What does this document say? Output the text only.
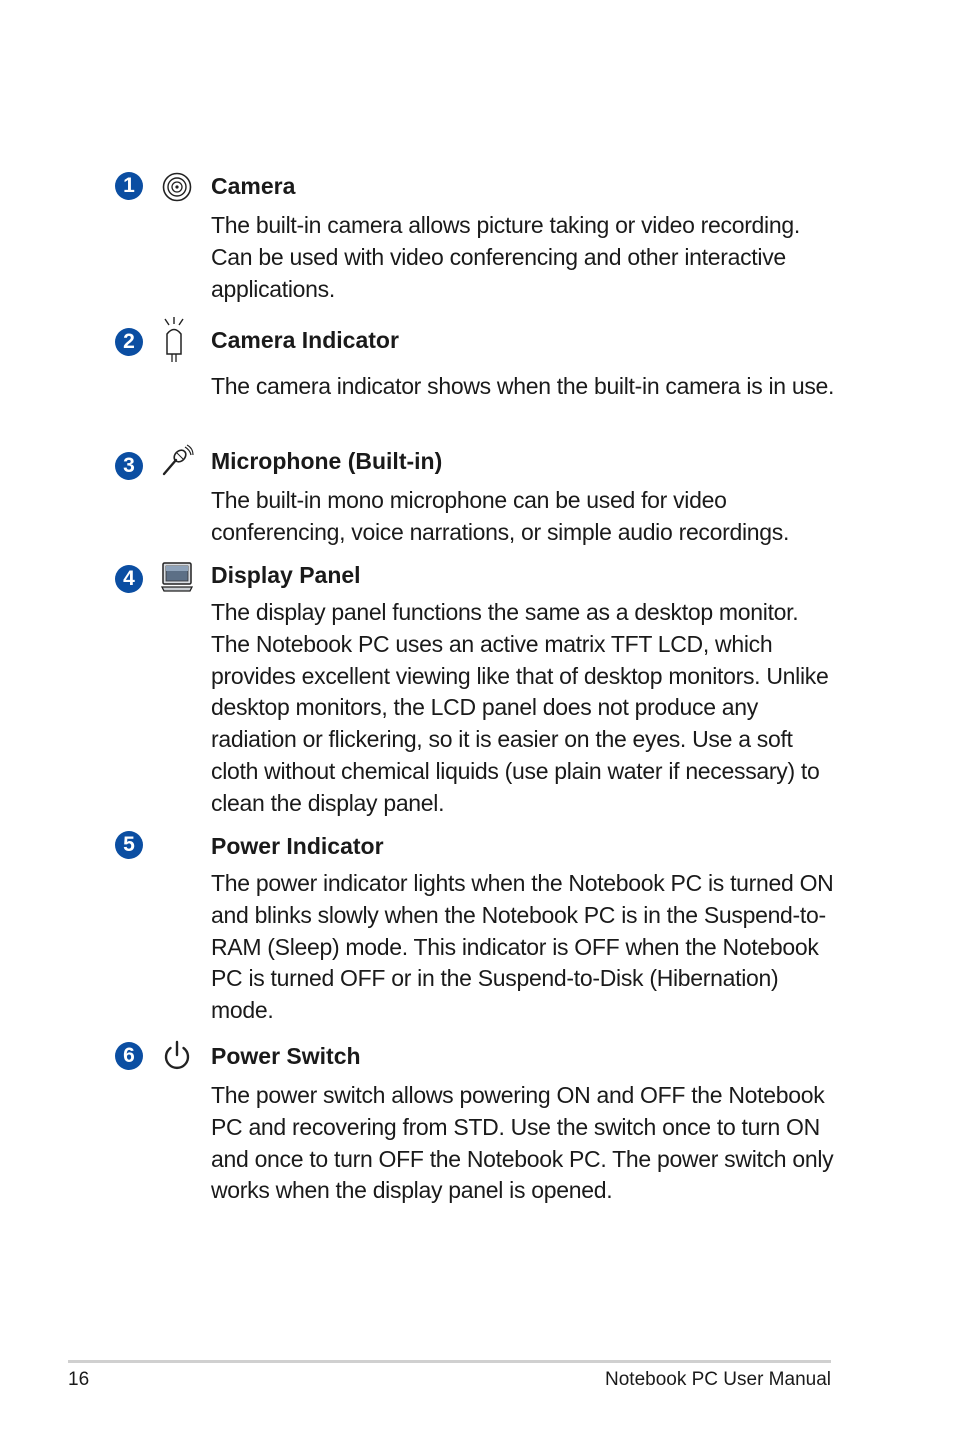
1	Camera

The built-in camera allows picture taking or video recording. Can be used with video conferencing and other interactive applications.

2	Camera Indicator

The camera indicator shows when the built-in camera is in use.

3	Microphone (Built-in)

The built-in mono microphone can be used for video conferencing, voice narrations, or simple audio recordings.

4	Display Panel

The display panel functions the same as a desktop monitor. The Notebook PC uses an active matrix TFT LCD, which provides excellent viewing like that of desktop monitors. Unlike desktop monitors, the LCD panel does not produce any radiation or flickering, so it is easier on the eyes. Use a soft cloth without chemical liquids (use plain water if necessary) to clean the display panel.

5	Power Indicator

The power indicator lights when the Notebook PC is turned ON and blinks slowly when the Notebook PC is in the Suspend-to-RAM (Sleep) mode. This indicator is OFF when the Notebook PC is turned OFF or in the Suspend-to-Disk (Hibernation) mode.

6	Power Switch

The power switch allows powering ON and OFF the Notebook PC and recovering from STD. Use the switch once to turn ON and once to turn OFF the Notebook PC. The power switch only works when the display panel is opened.

16	Notebook PC User Manual
